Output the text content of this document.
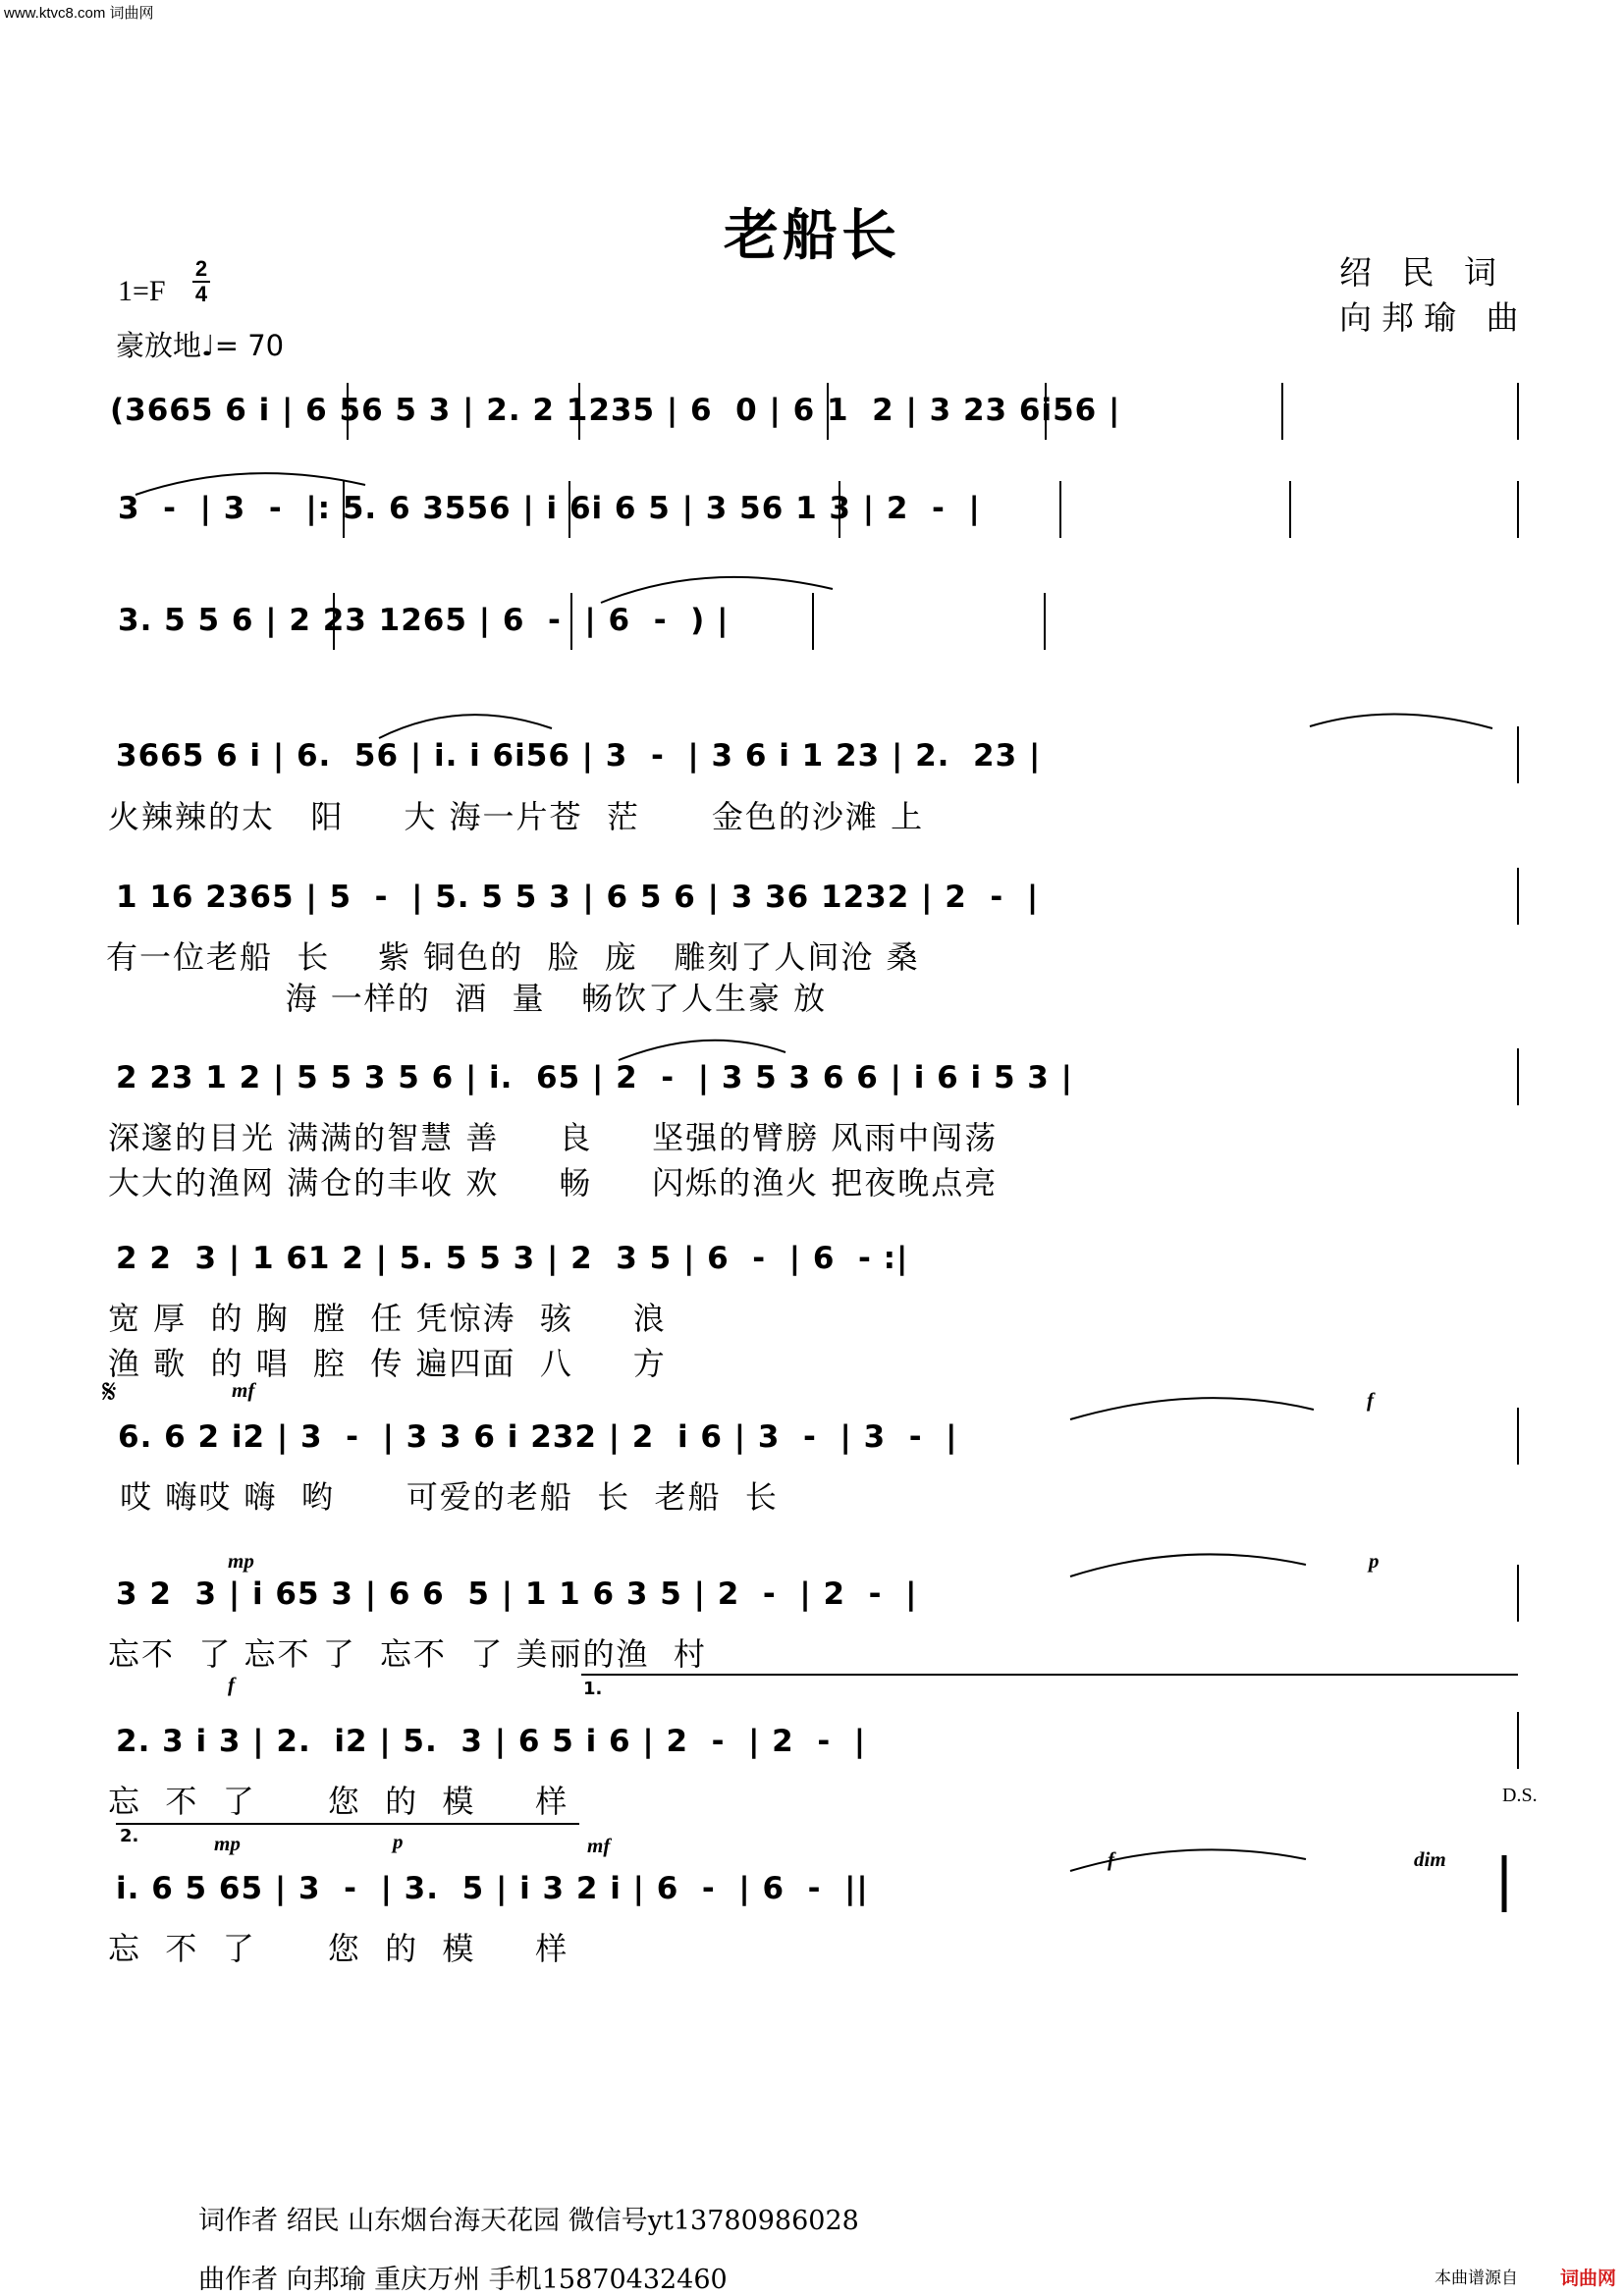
www.ktvc8.com 词曲网
老船长
绍 民 词
向邦瑜 曲
1=F
2
4
豪放地♩= 70
(3665 6 i | 6 56 5 3 | 2. 2 1235 | 6  0 | 6 1  2 | 3 23 6i56 |
3  -  | 3  -  |: 5. 6 3556 | i 6i 6 5 | 3 56 1 3 | 2  -  |
3. 5 5 6 | 2 23 1265 | 6  -  | 6  -  ) |
3665 6 i | 6.  56 | i. i 6i56 | 3  -  | 3 6 i 1 23 | 2.  23 |
火辣辣的太   阳     大 海一片苍  茫      金色的沙滩 上
1 16 2365 | 5  -  | 5. 5 5 3 | 6 5 6 | 3 36 1232 | 2  -  |
有一位老船  长    紫 铜色的  脸  庞   雕刻了人间沧 桑
海 一样的  酒  量   畅饮了人生豪 放
2 23 1 2 | 5 5 3 5 6 | i.  65 | 2  -  | 3 5 3 6 6 | i 6 i 5 3 |
深邃的目光 满满的智慧 善     良     坚强的臂膀 风雨中闯荡
大大的渔网 满仓的丰收 欢     畅     闪烁的渔火 把夜晚点亮
2 2  3 | 1 61 2 | 5. 5 5 3 | 2  3 5 | 6  -  | 6  - :|
宽 厚  的 胸  膛  任 凭惊涛  骇     浪
渔 歌  的 唱  腔  传 遍四面  八     方
𝄋
6. 6 2 i2 | 3  -  | 3 3 6 i 232 | 2  i 6 | 3  -  | 3  -  |
哎 嗨哎 嗨  哟      可爱的老船  长  老船  长
3 2  3 | i 65 3 | 6 6  5 | 1 1 6 3 5 | 2  -  | 2  -  |
忘不  了 忘不 了  忘不  了 美丽的渔  村
2. 3 i 3 | 2.  i2 | 5.  3 | 6 5 i 6 | 2  -  | 2  -  |
忘  不  了      您  的  模     样
i. 6 5 65 | 3  -  | 3.  5 | i 3 2 i | 6  -  | 6  -  ||
忘  不  了      您  的  模     样
mf	f
mp	p
f
mp	p	mf
f	dim
D.S.
1.
2.
词作者 绍民 山东烟台海天花园 微信号yt13780986028
曲作者 向邦瑜 重庆万州 手机15870432460	本曲谱源自 词曲网
